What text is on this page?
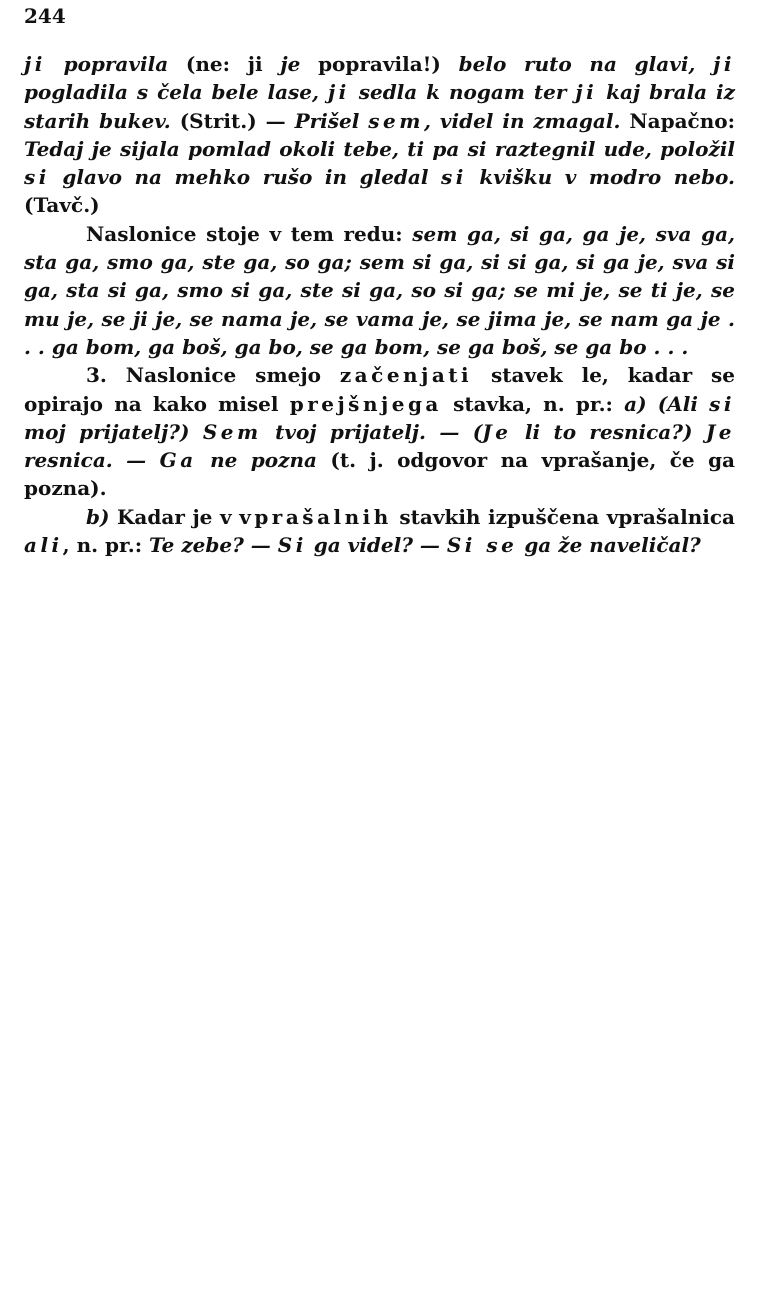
244

ji popravila (ne: ji je popravila!) belo ruto na glavi, ji pogladila s čela bele lase, ji sedla k nogam ter ji kaj brala iz starih bukev. (Strit.) — Prišel sem, videl in zmagal. Napačno: Tedaj je sijala pomlad okoli tebe, ti pa si raztegnil ude, položil si glavo na mehko rušo in gledal si kvišku v modro nebo. (Tavč.)

Naslonice stoje v tem redu: sem ga, si ga, ga je, sva ga, sta ga, smo ga, ste ga, so ga; sem si ga, si si ga, si ga je, sva si ga, sta si ga, smo si ga, ste si ga, so si ga; se mi je, se ti je, se mu je, se ji je, se nama je, se vama je, se jima je, se nam ga je . . . ga bom, ga boš, ga bo, se ga bom, se ga boš, se ga bo . . .

3. Naslonice smejo začenjati stavek le, kadar se opirajo na kako misel prejšnjega stavka, n. pr.: a) (Ali si moj prijatelj?) Sem tvoj prijatelj. — (Je li to resnica?) Je resnica. — Ga ne pozna (t. j. odgovor na vprašanje, če ga pozna).

b) Kadar je v vprašalnih stavkih izpuščena vprašalnica ali, n. pr.: Te zebe? — Si ga videl? — Si se ga že naveličal?
